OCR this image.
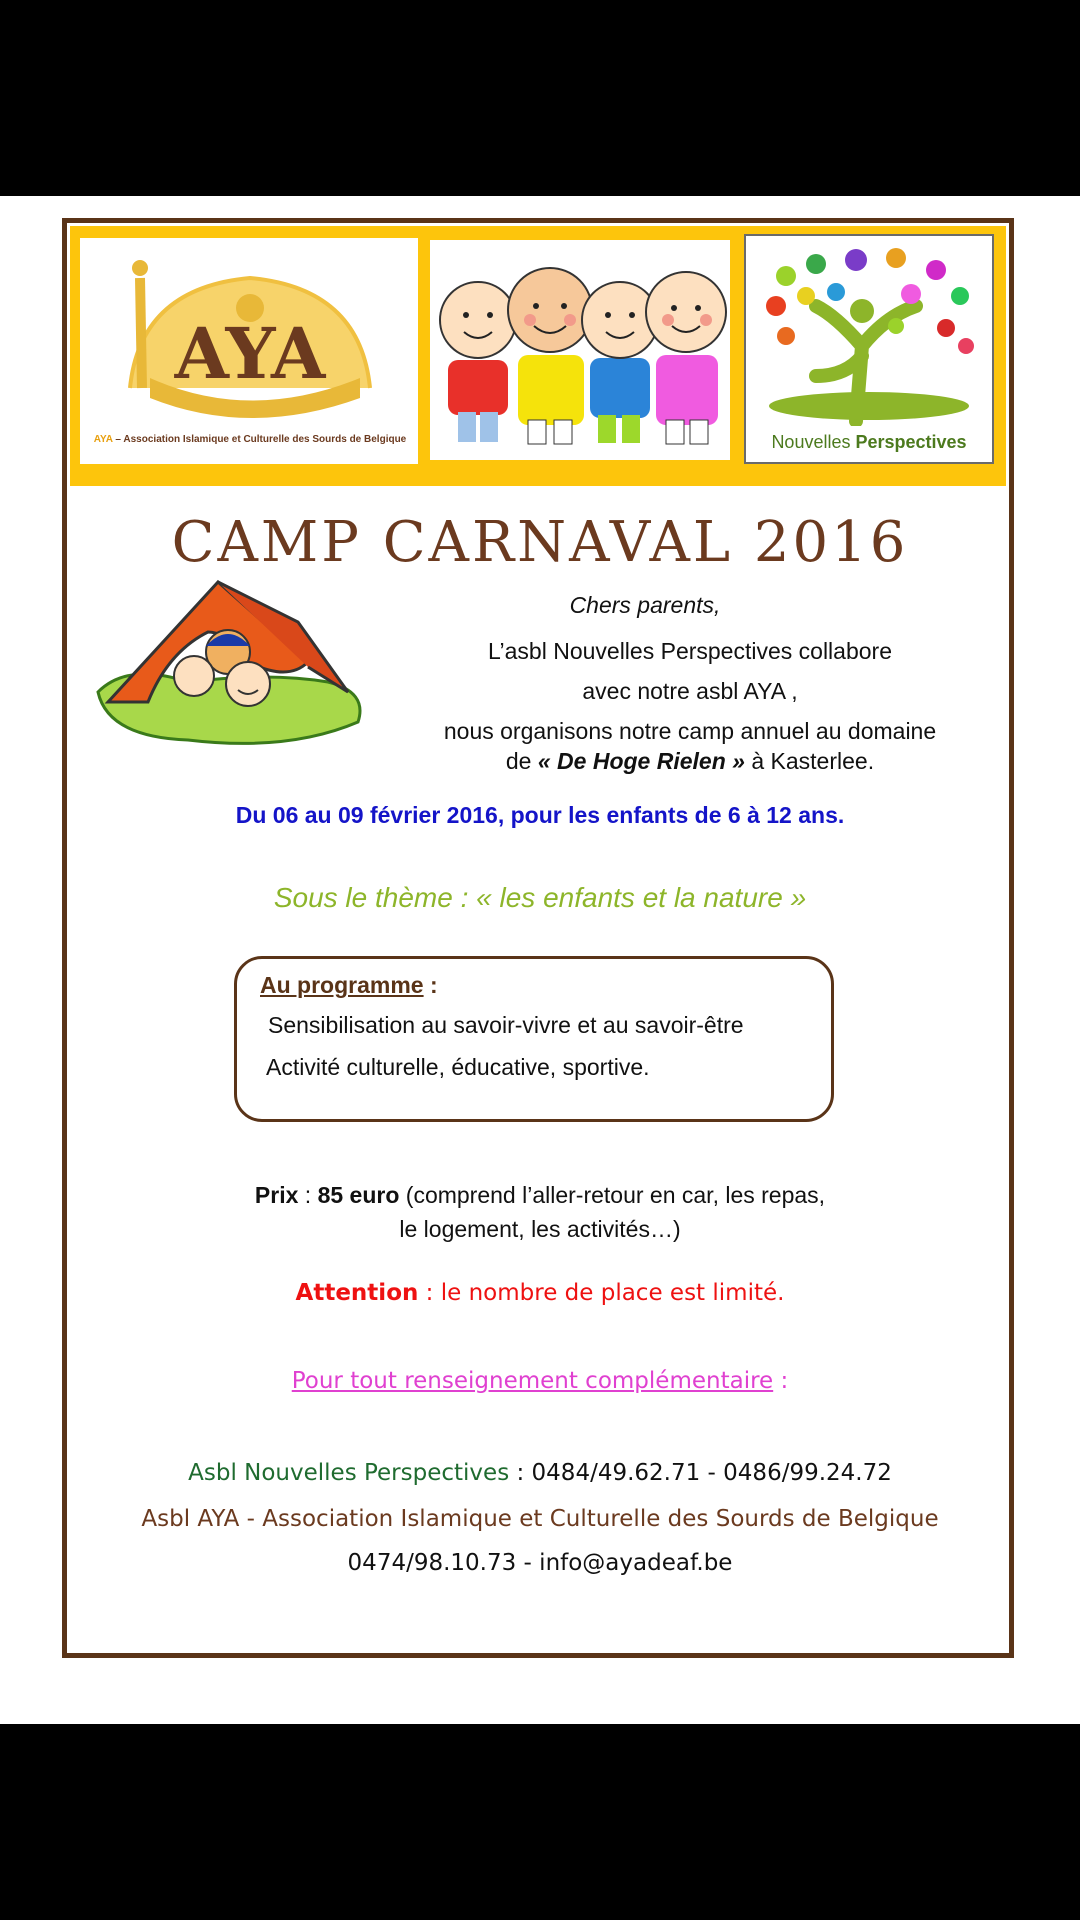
AYA
AYA – Association Islamique et Culturelle des Sourds de Belgique	Nouvelles Perspectives
CAMP CARNAVAL 2016
Chers parents,
L’asbl Nouvelles Perspectives collabore
avec notre asbl AYA ,
nous organisons notre camp annuel au domaine
de « De Hoge Rielen » à Kasterlee.
Du 06 au 09 février 2016, pour les enfants de 6 à 12 ans.
Sous le thème : « les enfants et la nature »
Au programme :
Sensibilisation au savoir-vivre et au savoir-être
Activité culturelle, éducative, sportive.
Prix : 85 euro (comprend l’aller-retour en car, les repas,
le logement, les activités…)
Attention : le nombre de place est limité.
Pour tout renseignement complémentaire :
Asbl Nouvelles Perspectives : 0484/49.62.71 - 0486/99.24.72
Asbl AYA - Association Islamique et Culturelle des Sourds de Belgique
0474/98.10.73 - info@ayadeaf.be
